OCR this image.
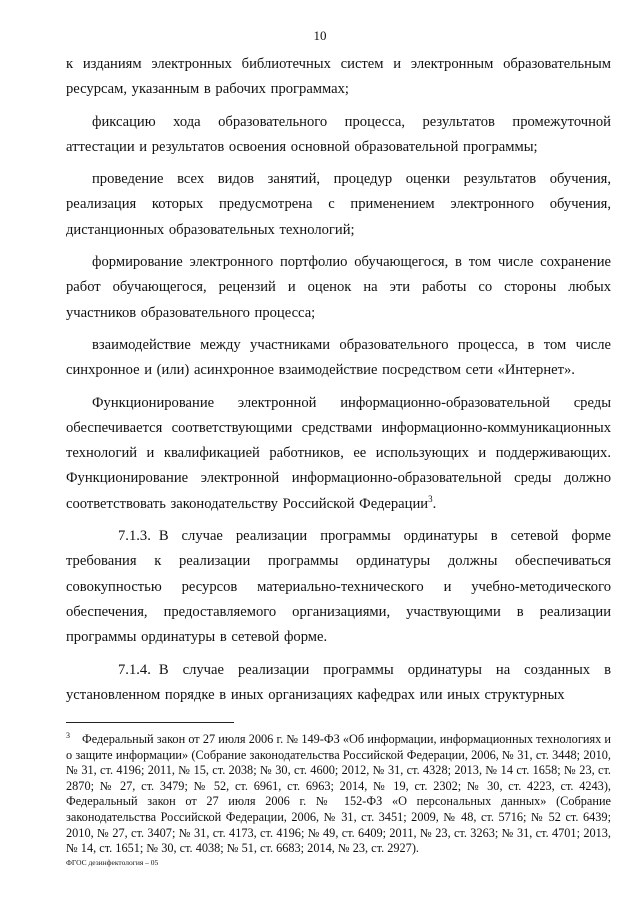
10

к изданиям электронных библиотечных систем и электронным образовательным ресурсам, указанным в рабочих программах;

фиксацию хода образовательного процесса, результатов промежуточной аттестации и результатов освоения основной образовательной программы;

проведение всех видов занятий, процедур оценки результатов обучения, реализация которых предусмотрена с применением электронного обучения, дистанционных образовательных технологий;

формирование электронного портфолио обучающегося, в том числе сохранение работ обучающегося, рецензий и оценок на эти работы со стороны любых участников образовательного процесса;

взаимодействие между участниками образовательного процесса, в том числе синхронное и (или) асинхронное взаимодействие посредством сети «Интернет».

Функционирование электронной информационно-образовательной среды обеспечивается соответствующими средствами информационно-коммуникационных технологий и квалификацией работников, ее использующих и поддерживающих. Функционирование электронной информационно-образовательной среды должно соответствовать законодательству Российской Федерации$^3$.

7.1.3. В случае реализации программы ординатуры в сетевой форме требования к реализации программы ординатуры должны обеспечиваться совокупностью ресурсов материально-технического и учебно-методического обеспечения, предоставляемого организациями, участвующими в реализации программы ординатуры в сетевой форме.

7.1.4. В случае реализации программы ординатуры на созданных в установленном порядке в иных организациях кафедрах или иных структурных

$^3$ Федеральный закон от 27 июля 2006 г. № 149-ФЗ «Об информации, информационных технологиях и о защите информации» (Собрание законодательства Российской Федерации, 2006, № 31, ст. 3448; 2010, № 31, ст. 4196; 2011, № 15, ст. 2038; № 30, ст. 4600; 2012, № 31, ст. 4328; 2013, № 14 ст. 1658; № 23, ст. 2870; № 27, ст. 3479; № 52, ст. 6961, ст. 6963; 2014, № 19, ст. 2302; № 30, ст. 4223, ст. 4243), Федеральный закон от 27 июля 2006 г. № 152-ФЗ «О персональных данных» (Собрание законодательства Российской Федерации, 2006, № 31, ст. 3451; 2009, № 48, ст. 5716; № 52 ст. 6439; 2010, № 27, ст. 3407; № 31, ст. 4173, ст. 4196; № 49, ст. 6409; 2011, № 23, ст. 3263; № 31, ст. 4701; 2013, № 14, ст. 1651; № 30, ст. 4038; № 51, ст. 6683; 2014, № 23, ст. 2927).
ФГОС дезинфектология – 05
